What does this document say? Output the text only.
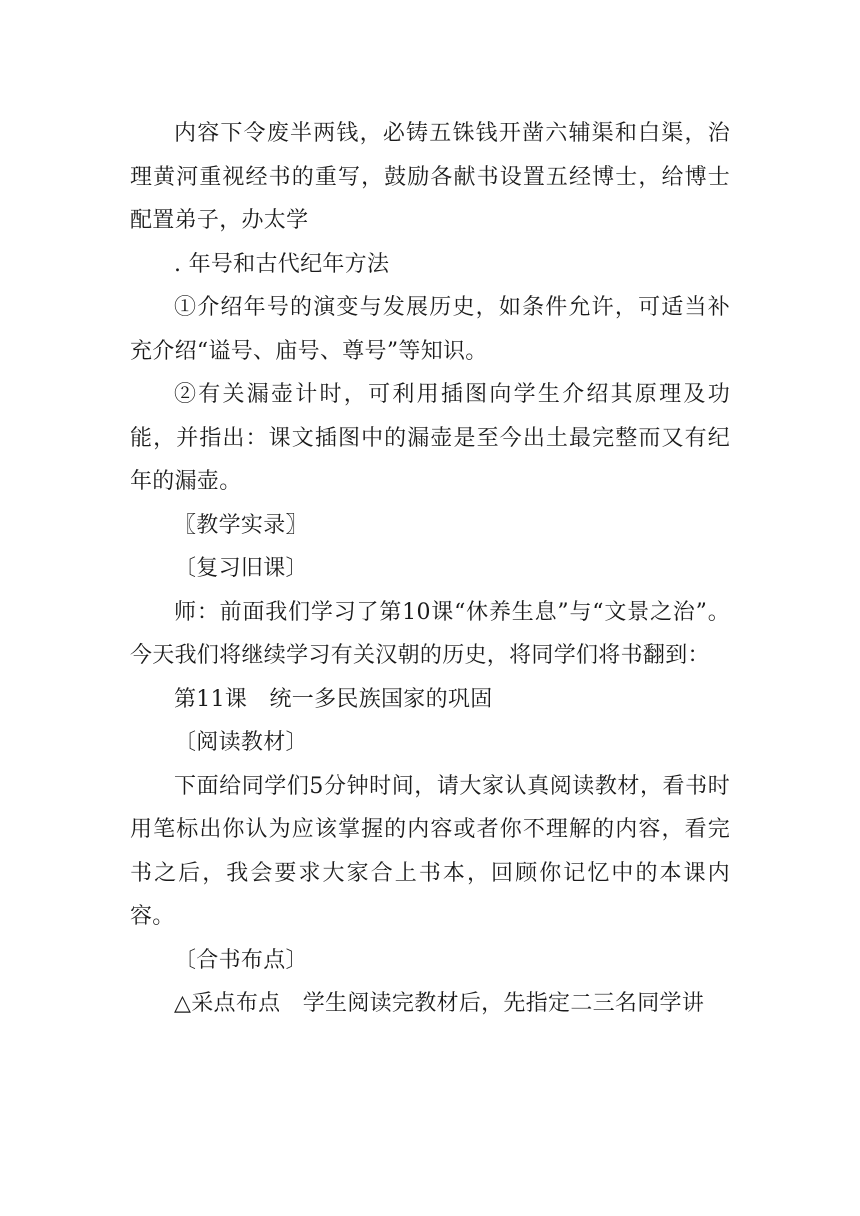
内容下令废半两钱，必铸五铢钱开凿六辅渠和白渠，治理黄河重视经书的重写，鼓励各献书设置五经博士，给博士配置弟子，办太学

. 年号和古代纪年方法

①介绍年号的演变与发展历史，如条件允许，可适当补充介绍“谥号、庙号、尊号”等知识。

②有关漏壶计时，可利用插图向学生介绍其原理及功能，并指出：课文插图中的漏壶是至今出土最完整而又有纪年的漏壶。

〖教学实录〗

〔复习旧课〕

师：前面我们学习了第10课“休养生息”与“文景之治”。今天我们将继续学习有关汉朝的历史，将同学们将书翻到：

第11课　统一多民族国家的巩固

〔阅读教材〕

下面给同学们5分钟时间，请大家认真阅读教材，看书时用笔标出你认为应该掌握的内容或者你不理解的内容，看完书之后，我会要求大家合上书本，回顾你记忆中的本课内容。

〔合书布点〕

△采点布点　学生阅读完教材后，先指定二三名同学讲
